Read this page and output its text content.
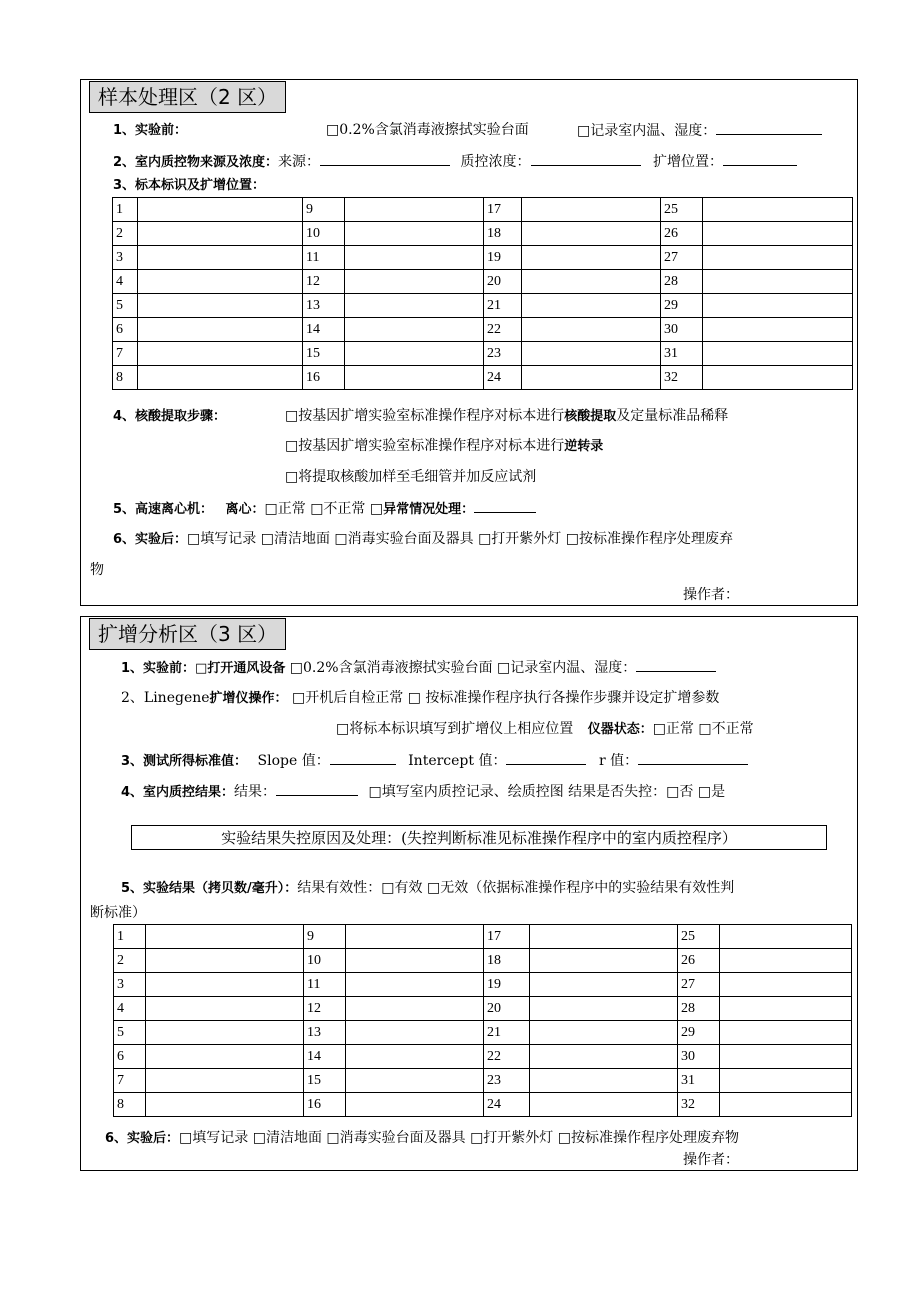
样本处理区（2 区）
1、实验前：	□0.2%含氯消毒液擦拭实验台面	□记录室内温、湿度：
2、室内质控物来源及浓度：来源：	质控浓度：	扩增位置：
3、标本标识及扩增位置：
1		9		17		25	
2		10		18		26	
3		11		19		27	
4		12		20		28	
5		13		21		29	
6		14		22		30	
7		15		23		31	
8		16		24		32	
4、核酸提取步骤：	□按基因扩增实验室标准操作程序对标本进行核酸提取及定量标准品稀释
□按基因扩增实验室标准操作程序对标本进行逆转录
□将提取核酸加样至毛细管并加反应试剂
5、高速离心机： 离心：□正常 □不正常 □异常情况处理：
6、实验后：□填写记录 □清洁地面 □消毒实验台面及器具 □打开紫外灯 □按标准操作程序处理废弃
物
操作者：
扩增分析区（3 区）
1、实验前：□打开通风设备 □0.2%含氯消毒液擦拭实验台面 □记录室内温、湿度：
2、Linegene扩增仪操作： □开机后自检正常 □ 按标准操作程序执行各操作步骤并设定扩增参数
□将标本标识填写到扩增仪上相应位置 仪器状态：□正常 □不正常
3、测试所得标准值： Slope 值：	Intercept 值：	r 值：
4、室内质控结果：结果：	□填写室内质控记录、绘质控图 结果是否失控：□否 □是
实验结果失控原因及处理：(失控判断标准见标准操作程序中的室内质控程序）
5、实验结果（拷贝数/毫升）：结果有效性：□有效 □无效（依据标准操作程序中的实验结果有效性判
断标准）
1		9		17		25	
2		10		18		26	
3		11		19		27	
4		12		20		28	
5		13		21		29	
6		14		22		30	
7		15		23		31	
8		16		24		32	
6、实验后：□填写记录 □清洁地面 □消毒实验台面及器具 □打开紫外灯 □按标准操作程序处理废弃物
操作者：
